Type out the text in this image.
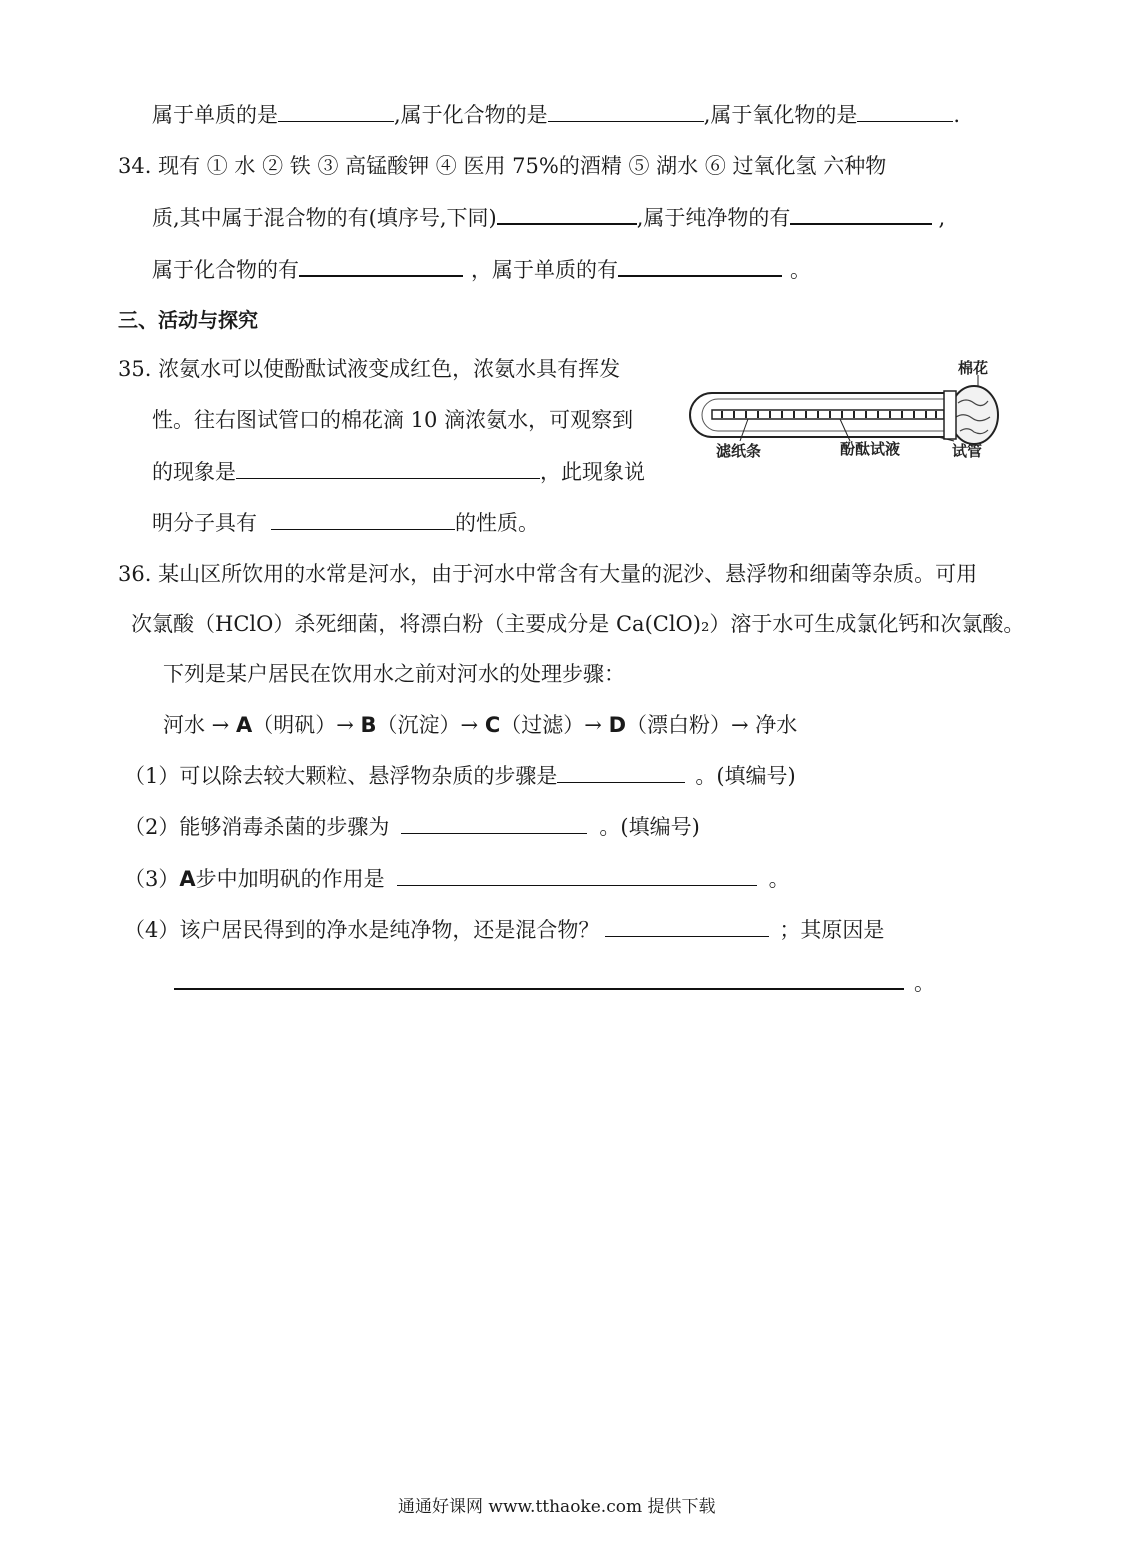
属于单质的是	,属于化合物的是	,属于氧化物的是	.
34. 现有 ① 水 ② 铁 ③ 高锰酸钾 ④ 医用 75%的酒精 ⑤ 湖水 ⑥ 过氧化氢 六种物
质,其中属于混合物的有(填序号,下同)	,属于纯净物的有	,
属于化合物的有	，属于单质的有	。
三、活动与探究
35. 浓氨水可以使酚酞试液变成红色，浓氨水具有挥发
性。往右图试管口的棉花滴 10 滴浓氨水，可观察到
的现象是	，此现象说
明分子具有	的性质。
棉花
滤纸条	酚酞试液	试管
36. 某山区所饮用的水常是河水，由于河水中常含有大量的泥沙、悬浮物和细菌等杂质。可用
次氯酸（HClO）杀死细菌，将漂白粉（主要成分是 Ca(ClO)₂）溶于水可生成氯化钙和次氯酸。
下列是某户居民在饮用水之前对河水的处理步骤：
河水 → A（明矾）→ B（沉淀）→ C（过滤）→ D（漂白粉）→ 净水
（1）可以除去较大颗粒、悬浮物杂质的步骤是	。(填编号)
（2）能够消毒杀菌的步骤为	。(填编号)
（3）A步中加明矾的作用是	。
（4）该户居民得到的净水是纯净物，还是混合物？	；其原因是
。
通通好课网 www.tthaoke.com 提供下载
